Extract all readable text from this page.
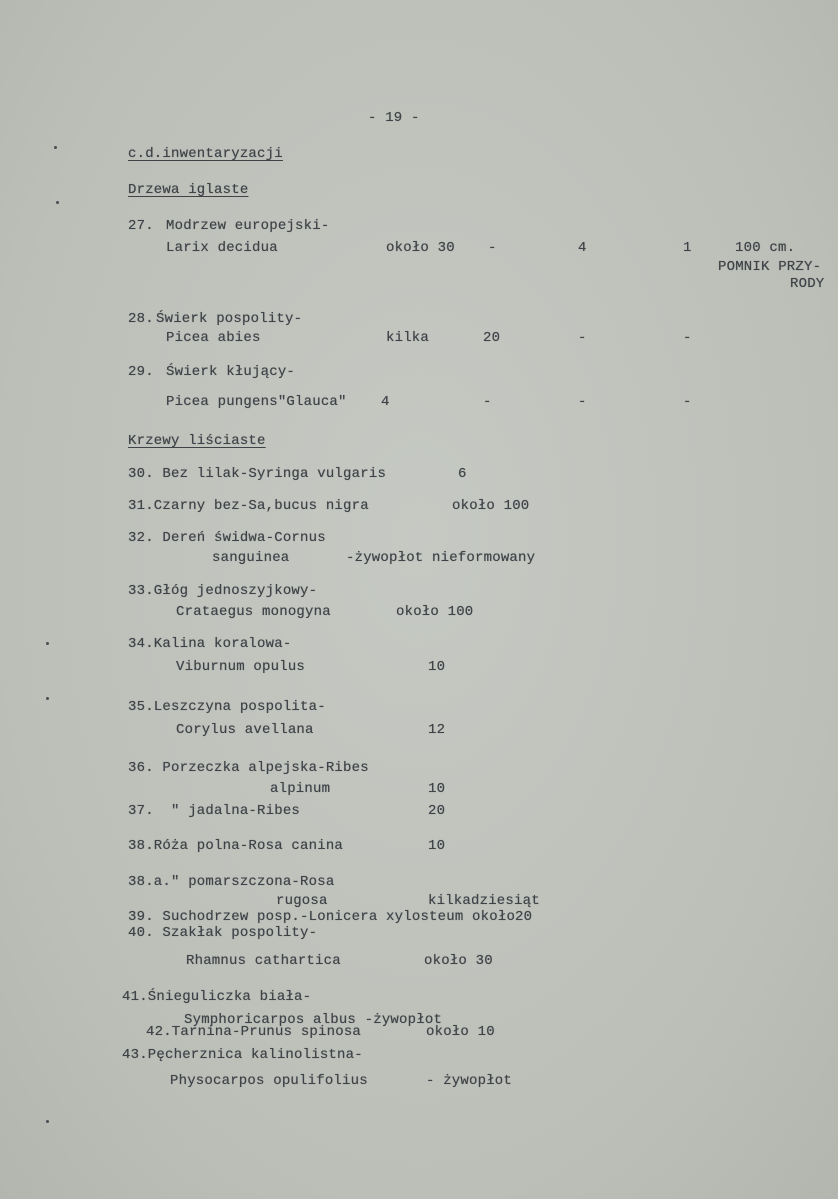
- 19 -
c.d.inwentaryzacji
Drzewa iglaste
27. Modrzew europejski-
Larix decidua	około 30 -	4	1	100 cm.
POMNIK PRZY-
RODY
28. Świerk pospolity-
Picea abies	kilka	20	-	-
29. Świerk kłujący-
Picea pungens"Glauca" 4	-	-	-
Krzewy liściaste
30. Bez lilak-Syringa vulgaris	6
31.Czarny bez-Sa,bucus nigra	około 100
32. Dereń świdwa-Cornus
sanguinea	-żywopłot nieformowany
33.Głóg jednoszyjkowy-
Crataegus monogyna	około 100
34.Kalina koralowa-
Viburnum opulus	10
35.Leszczyna pospolita-
Corylus avellana	12
36. Porzeczka alpejska-Ribes
alpinum	10
37.  " jadalna-Ribes	20
38.Róża polna-Rosa canina	10
38.a." pomarszczona-Rosa
rugosa	kilkadziesiąt
39. Suchodrzew posp.-Lonicera xylosteum około20
40. Szakłak pospolity-
Rhamnus cathartica	około 30
41.Śnieguliczka biała-
Symphoricarpos albus -żywopłot
42.Tarnina-Prunus spinosa	około 10
43.Pęcherznica kalinolistna-
Physocarpos opulifolius	- żywopłot
